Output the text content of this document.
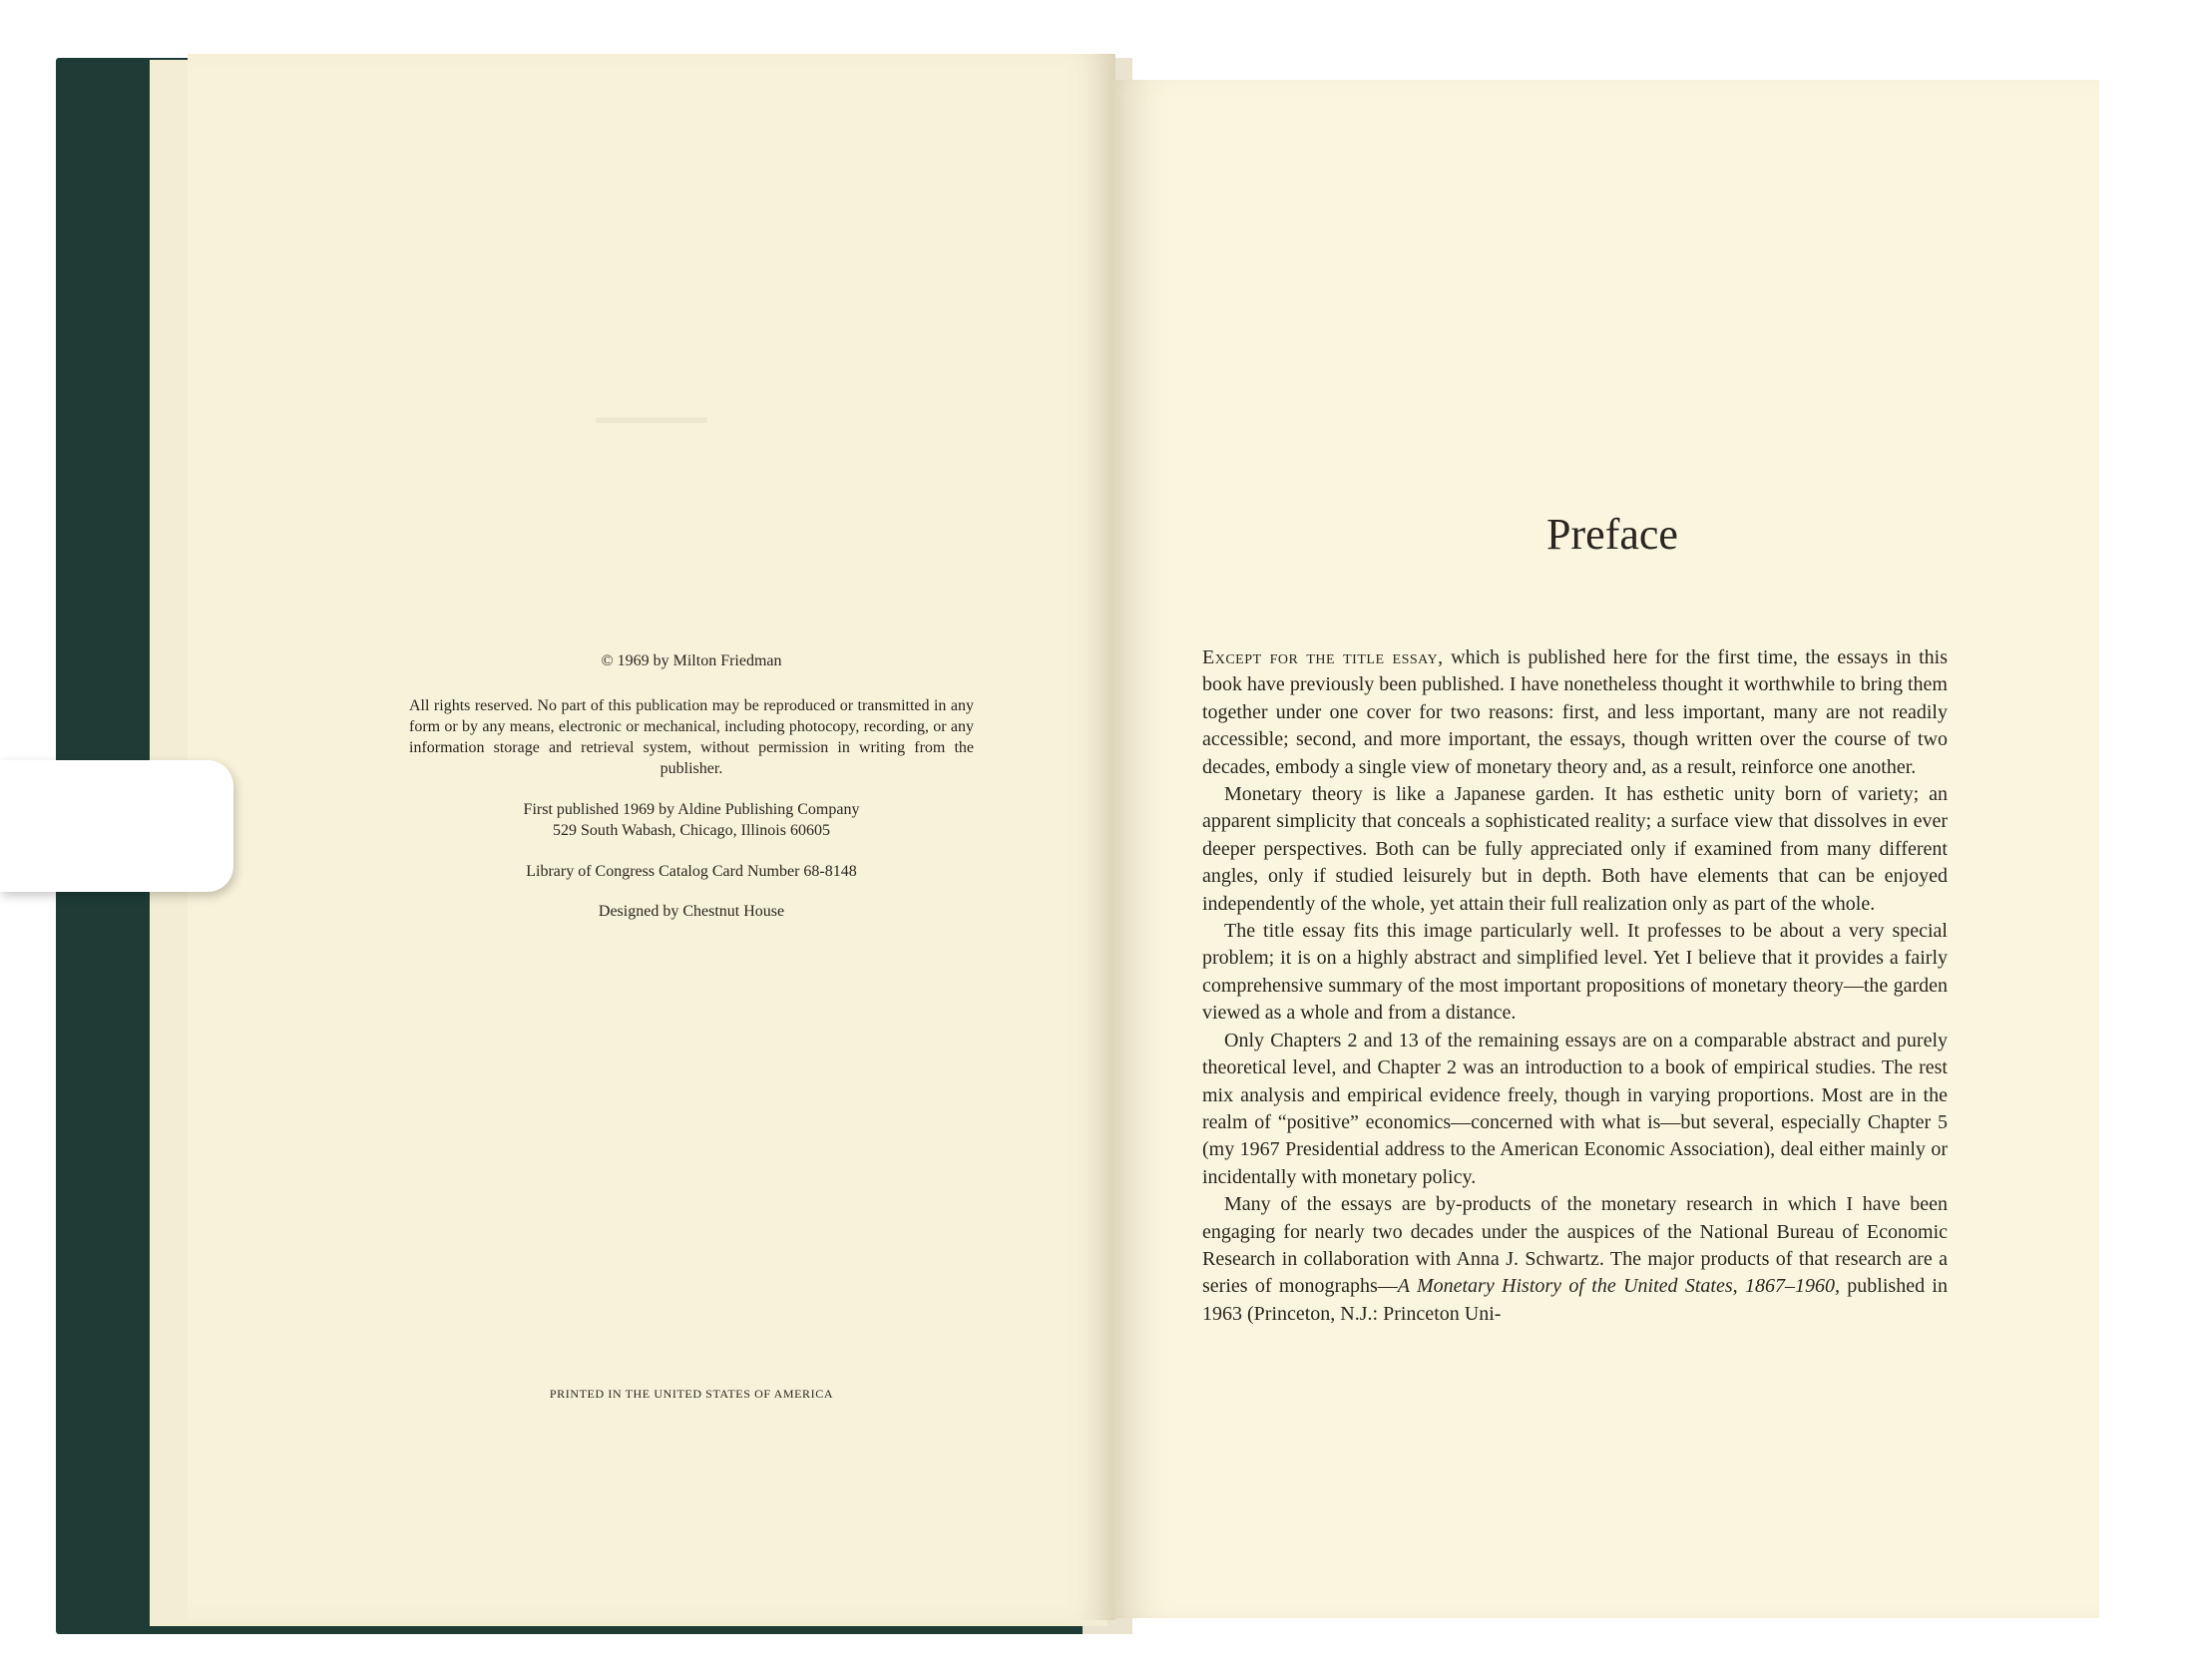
—
© 1969 by Milton Friedman
All rights reserved. No part of this publication may be reproduced or transmitted in any form or by any means, electronic or mechanical, including photocopy, recording, or any information storage and retrieval system, without permission in writing from the publisher.
First published 1969 by Aldine Publishing Company
529 South Wabash, Chicago, Illinois 60605
Library of Congress Catalog Card Number 68-8148
Designed by Chestnut House
PRINTED IN THE UNITED STATES OF AMERICA
Preface

Except for the title essay, which is published here for the first time, the essays in this book have previously been published. I have nonetheless thought it worthwhile to bring them together under one cover for two reasons: first, and less important, many are not readily accessible; second, and more important, the essays, though written over the course of two decades, embody a single view of monetary theory and, as a result, reinforce one another.

Monetary theory is like a Japanese garden. It has esthetic unity born of variety; an apparent simplicity that conceals a sophisticated reality; a surface view that dissolves in ever deeper perspectives. Both can be fully appreciated only if examined from many different angles, only if studied leisurely but in depth. Both have elements that can be enjoyed independently of the whole, yet attain their full realization only as part of the whole.

The title essay fits this image particularly well. It professes to be about a very special problem; it is on a highly abstract and simplified level. Yet I believe that it provides a fairly comprehensive summary of the most important propositions of monetary theory—the garden viewed as a whole and from a distance.

Only Chapters 2 and 13 of the remaining essays are on a comparable abstract and purely theoretical level, and Chapter 2 was an introduction to a book of empirical studies. The rest mix analysis and empirical evidence freely, though in varying proportions. Most are in the realm of “positive” economics—concerned with what is—but several, especially Chapter 5 (my 1967 Presidential address to the American Economic Association), deal either mainly or incidentally with monetary policy.

Many of the essays are by-products of the monetary research in which I have been engaging for nearly two decades under the auspices of the National Bureau of Economic Research in collaboration with Anna J. Schwartz. The major products of that research are a series of monographs—A Monetary History of the United States, 1867–1960, published in 1963 (Princeton, N.J.: Princeton Uni-
